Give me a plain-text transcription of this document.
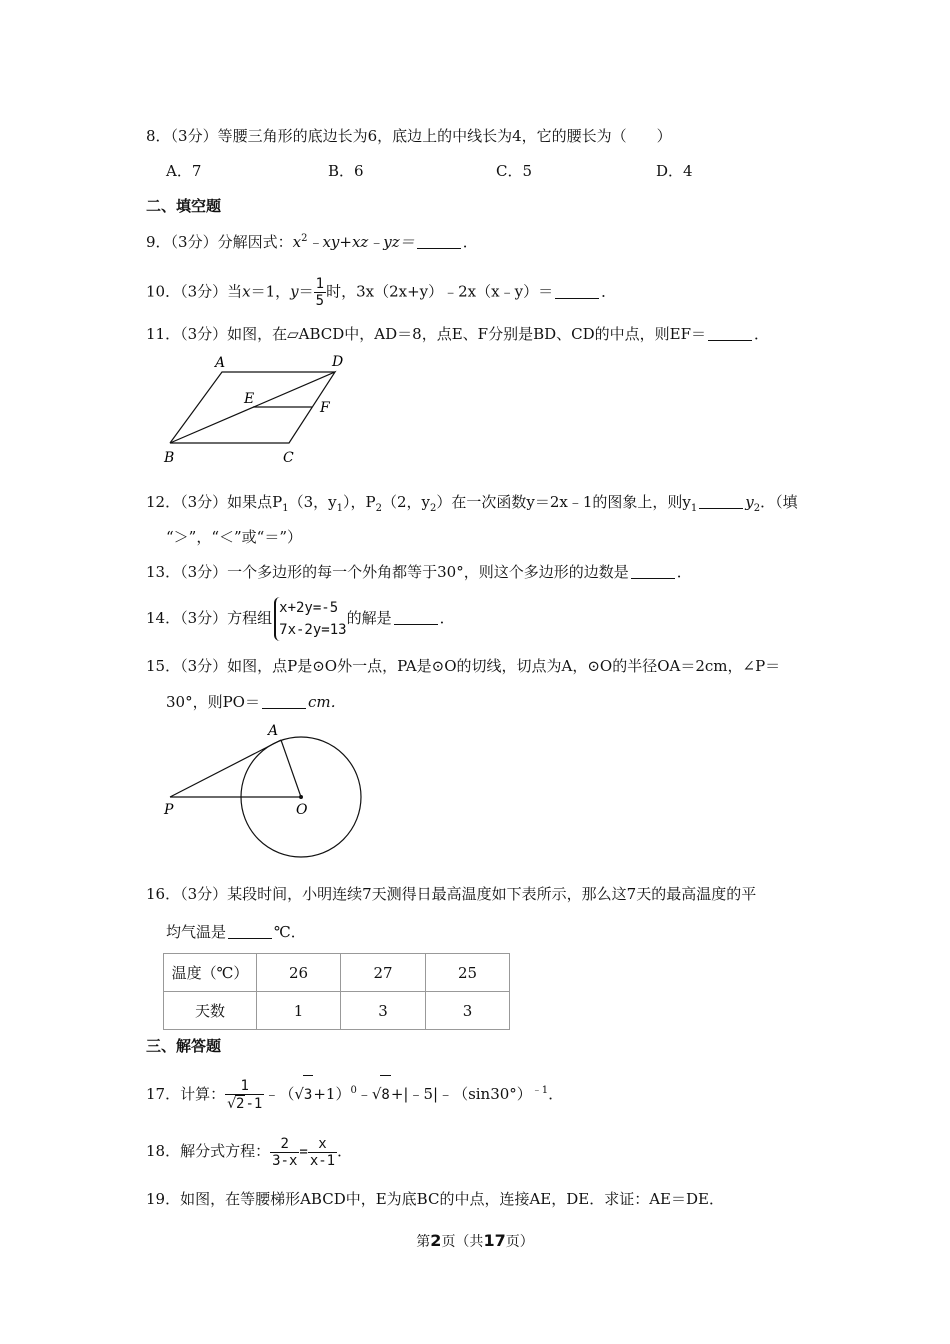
8．（3分）等腰三角形的底边长为6，底边上的中线长为4，它的腰长为（　　）
A．7	B．6	C．5	D．4
二、填空题
9．（3分）分解因式：$x^2﹣xy+xz﹣yz=$	．
10．（3分）当x＝1，$y= \frac{1}{5}$ 时，3x（2x+y）﹣2x（x﹣y）＝	．
11．（3分）如图，在▱ABCD中，AD＝8，点E、F分别是BD、CD的中点，则EF＝	．
A	D
E
F
B	C
12．（3分）如果点$P_1(3$，$y_1$），$P_2(2$，$y_2$）在一次函数y＝2x﹣1的图象上，则$y_1$	$y_2$．（填
“＞”，“＜”或“＝”）
13．（3分）一个多边形的每一个外角都等于30°，则这个多边形的边数是	．
14．（3分）方程组
x+2y=-5
7x-2y=13
的解是	．
15．（3分）如图，点P是⊙O外一点，PA是⊙O的切线，切点为A，⊙O的半径OA＝2cm，∠P＝
30°，则PO＝	cm．
A
P	O
16．（3分）某段时间，小明连续7天测得日最高温度如下表所示，那么这7天的最高温度的平
均气温是	℃．
温度（℃）	26	27	25
天数	1	3	3
三、解答题
17．计算： $\frac{1}{√2-1}$ $﹣(√3+1)^0﹣√8+|﹣5|﹣(\sin 30^\circ)^{﹣1}$．
18．解分式方程： $\frac{2}{3-x} = \frac{x}{x-1}$ ．
19．如图，在等腰梯形ABCD中，E为底BC的中点，连接AE，DE．求证：AE＝DE．
第2页（共17页）
